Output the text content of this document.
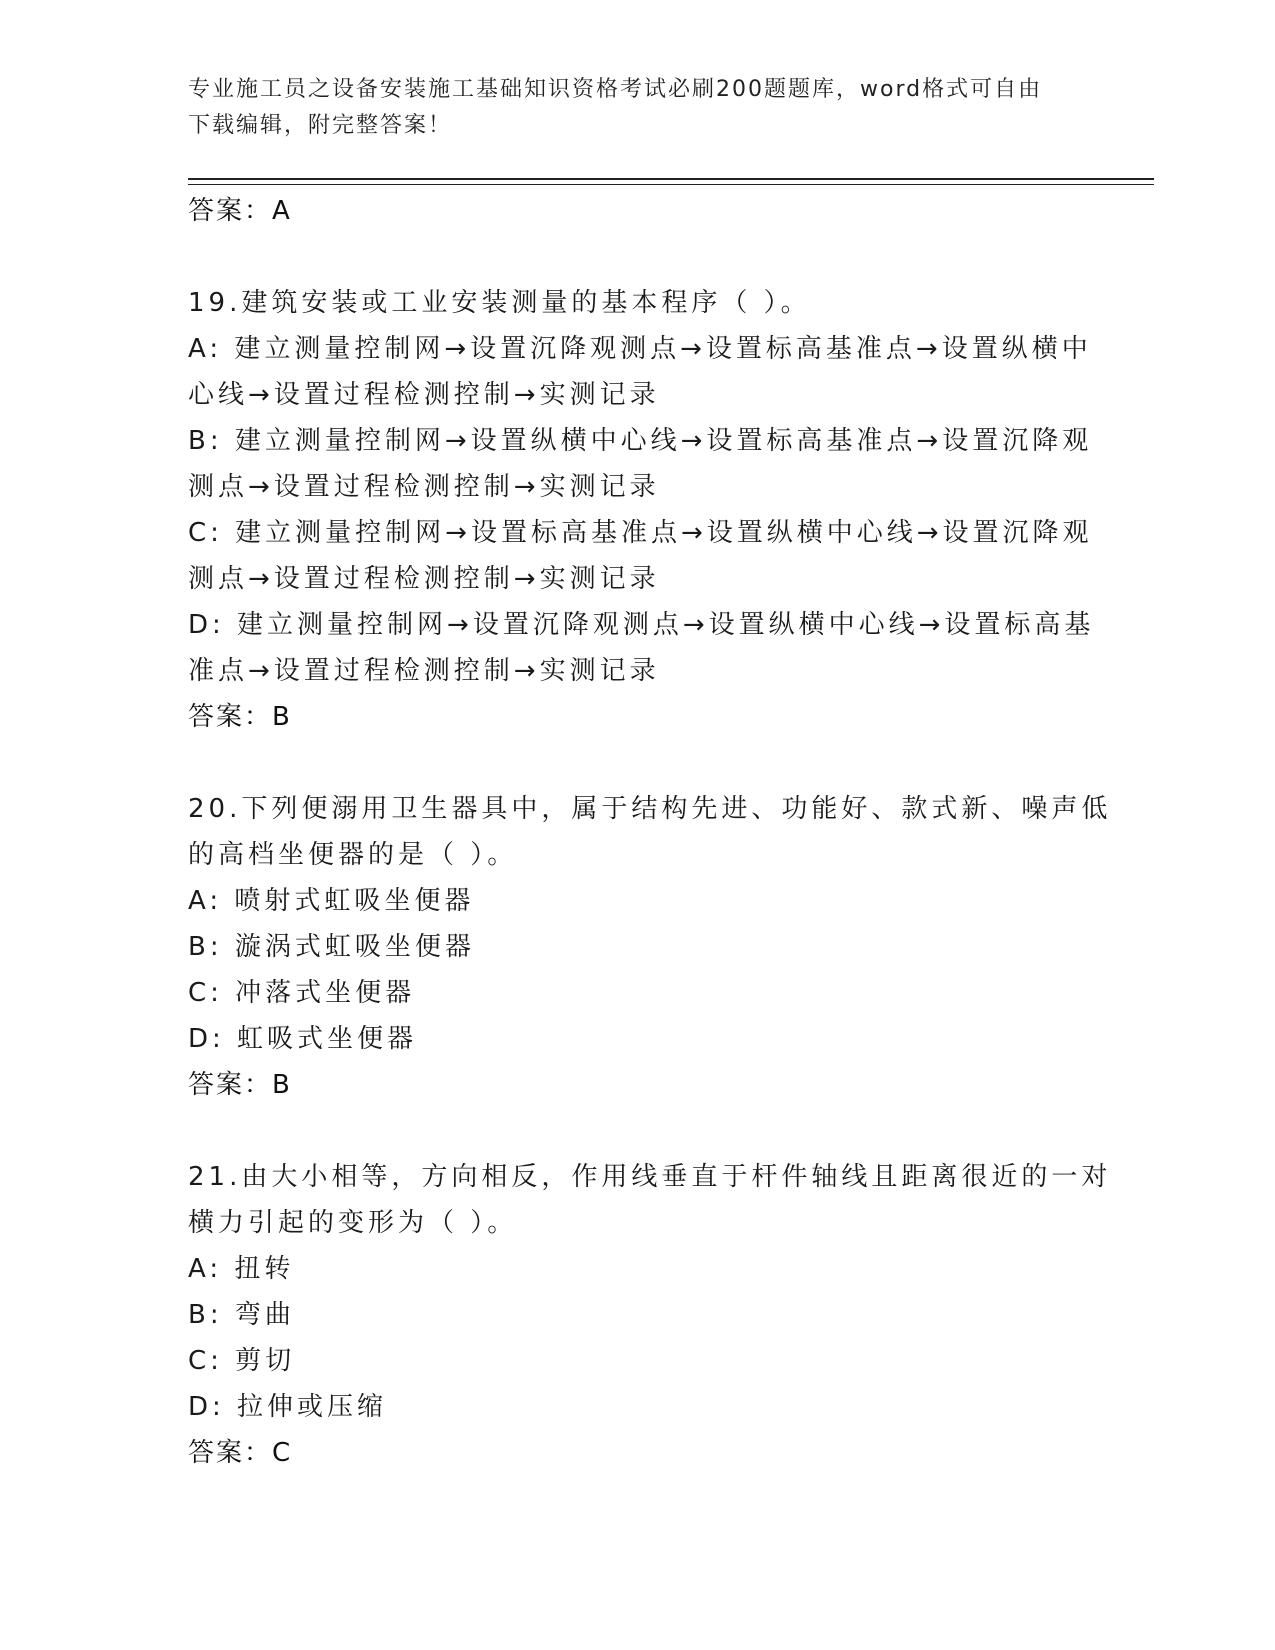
专业施工员之设备安装施工基础知识资格考试必刷200题题库，word格式可自由
下载编辑，附完整答案！
答案：A
19.建筑安装或工业安装测量的基本程序（ ）。
A: 建立测量控制网→设置沉降观测点→设置标高基准点→设置纵横中
心线→设置过程检测控制→实测记录
B: 建立测量控制网→设置纵横中心线→设置标高基准点→设置沉降观
测点→设置过程检测控制→实测记录
C: 建立测量控制网→设置标高基准点→设置纵横中心线→设置沉降观
测点→设置过程检测控制→实测记录
D: 建立测量控制网→设置沉降观测点→设置纵横中心线→设置标高基
准点→设置过程检测控制→实测记录
答案：B
20.下列便溺用卫生器具中，属于结构先进、功能好、款式新、噪声低
的高档坐便器的是（ ）。
A: 喷射式虹吸坐便器
B: 漩涡式虹吸坐便器
C: 冲落式坐便器
D: 虹吸式坐便器
答案：B
21.由大小相等，方向相反，作用线垂直于杆件轴线且距离很近的一对
横力引起的变形为（ ）。
A: 扭转
B: 弯曲
C: 剪切
D: 拉伸或压缩
答案：C
